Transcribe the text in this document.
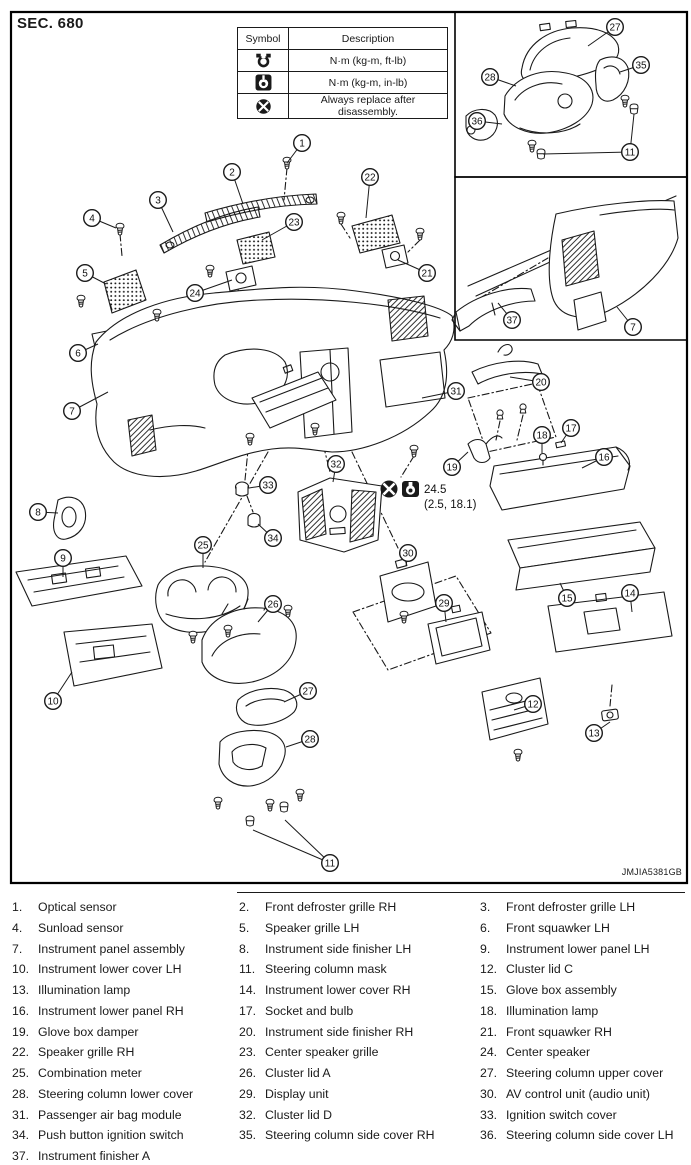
SEC. 680
24.5
(2.5, 18.1)
1
2
3
4
5
6
7
8
9
10
11
12
13
14
15
16
17
18
19
20
21
22
23
24
25
26
27
28
29
30
31
32
33
34
27
35
28
36
11
37
7
Symbol	Description
	N·m (kg-m, ft-lb)
	N·m (kg-m, in-lb)
	Always replace after disassembly.
JMJIA5381GB
1.	Optical sensor
4.	Sunload sensor
7.	Instrument panel assembly
10. Instrument lower cover LH
13. Illumination lamp
16. Instrument lower panel RH
19. Glove box damper
22. Speaker grille RH
25. Combination meter
28. Steering column lower cover
31. Passenger air bag module
34. Push button ignition switch
37. Instrument finisher A
2.	Front defroster grille RH
5.	Speaker grille LH
8.	Instrument side finisher LH
11. Steering column mask
14. Instrument lower cover RH
17. Socket and bulb
20. Instrument side finisher RH
23. Center speaker grille
26. Cluster lid A
29. Display unit
32. Cluster lid D
35. Steering column side cover RH
3.	Front defroster grille LH
6.	Front squawker LH
9.	Instrument lower panel LH
12. Cluster lid C
15. Glove box assembly
18. Illumination lamp
21. Front squawker RH
24. Center speaker
27. Steering column upper cover
30. AV control unit (audio unit)
33. Ignition switch cover
36. Steering column side cover LH
